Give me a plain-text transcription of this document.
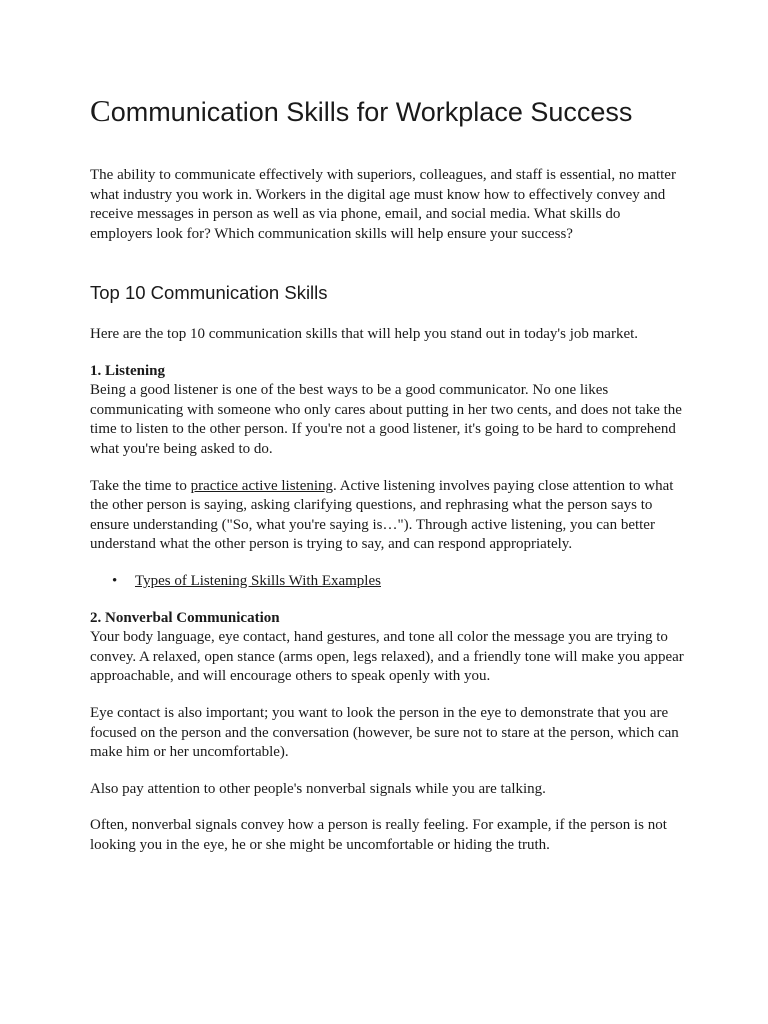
Communication Skills for Workplace Success

The ability to communicate effectively with superiors, colleagues, and staff is essential, no matter what industry you work in. Workers in the digital age must know how to effectively convey and receive messages in person as well as via phone, email, and social media. What skills do employers look for? Which communication skills will help ensure your success?

Top 10 Communication Skills

Here are the top 10 communication skills that will help you stand out in today's job market.

1. Listening
Being a good listener is one of the best ways to be a good communicator. No one likes communicating with someone who only cares about putting in her two cents, and does not take the time to listen to the other person. If you're not a good listener, it's going to be hard to comprehend what you're being asked to do.

Take the time to practice active listening. Active listening involves paying close attention to what the other person is saying, asking clarifying questions, and rephrasing what the person says to ensure understanding ("So, what you're saying is…"). Through active listening, you can better understand what the other person is trying to say, and can respond appropriately.

• Types of Listening Skills With Examples

2. Nonverbal Communication
Your body language, eye contact, hand gestures, and tone all color the message you are trying to convey. A relaxed, open stance (arms open, legs relaxed), and a friendly tone will make you appear approachable, and will encourage others to speak openly with you.

Eye contact is also important; you want to look the person in the eye to demonstrate that you are focused on the person and the conversation (however, be sure not to stare at the person, which can make him or her uncomfortable).

Also pay attention to other people's nonverbal signals while you are talking.

Often, nonverbal signals convey how a person is really feeling. For example, if the person is not looking you in the eye, he or she might be uncomfortable or hiding the truth.
